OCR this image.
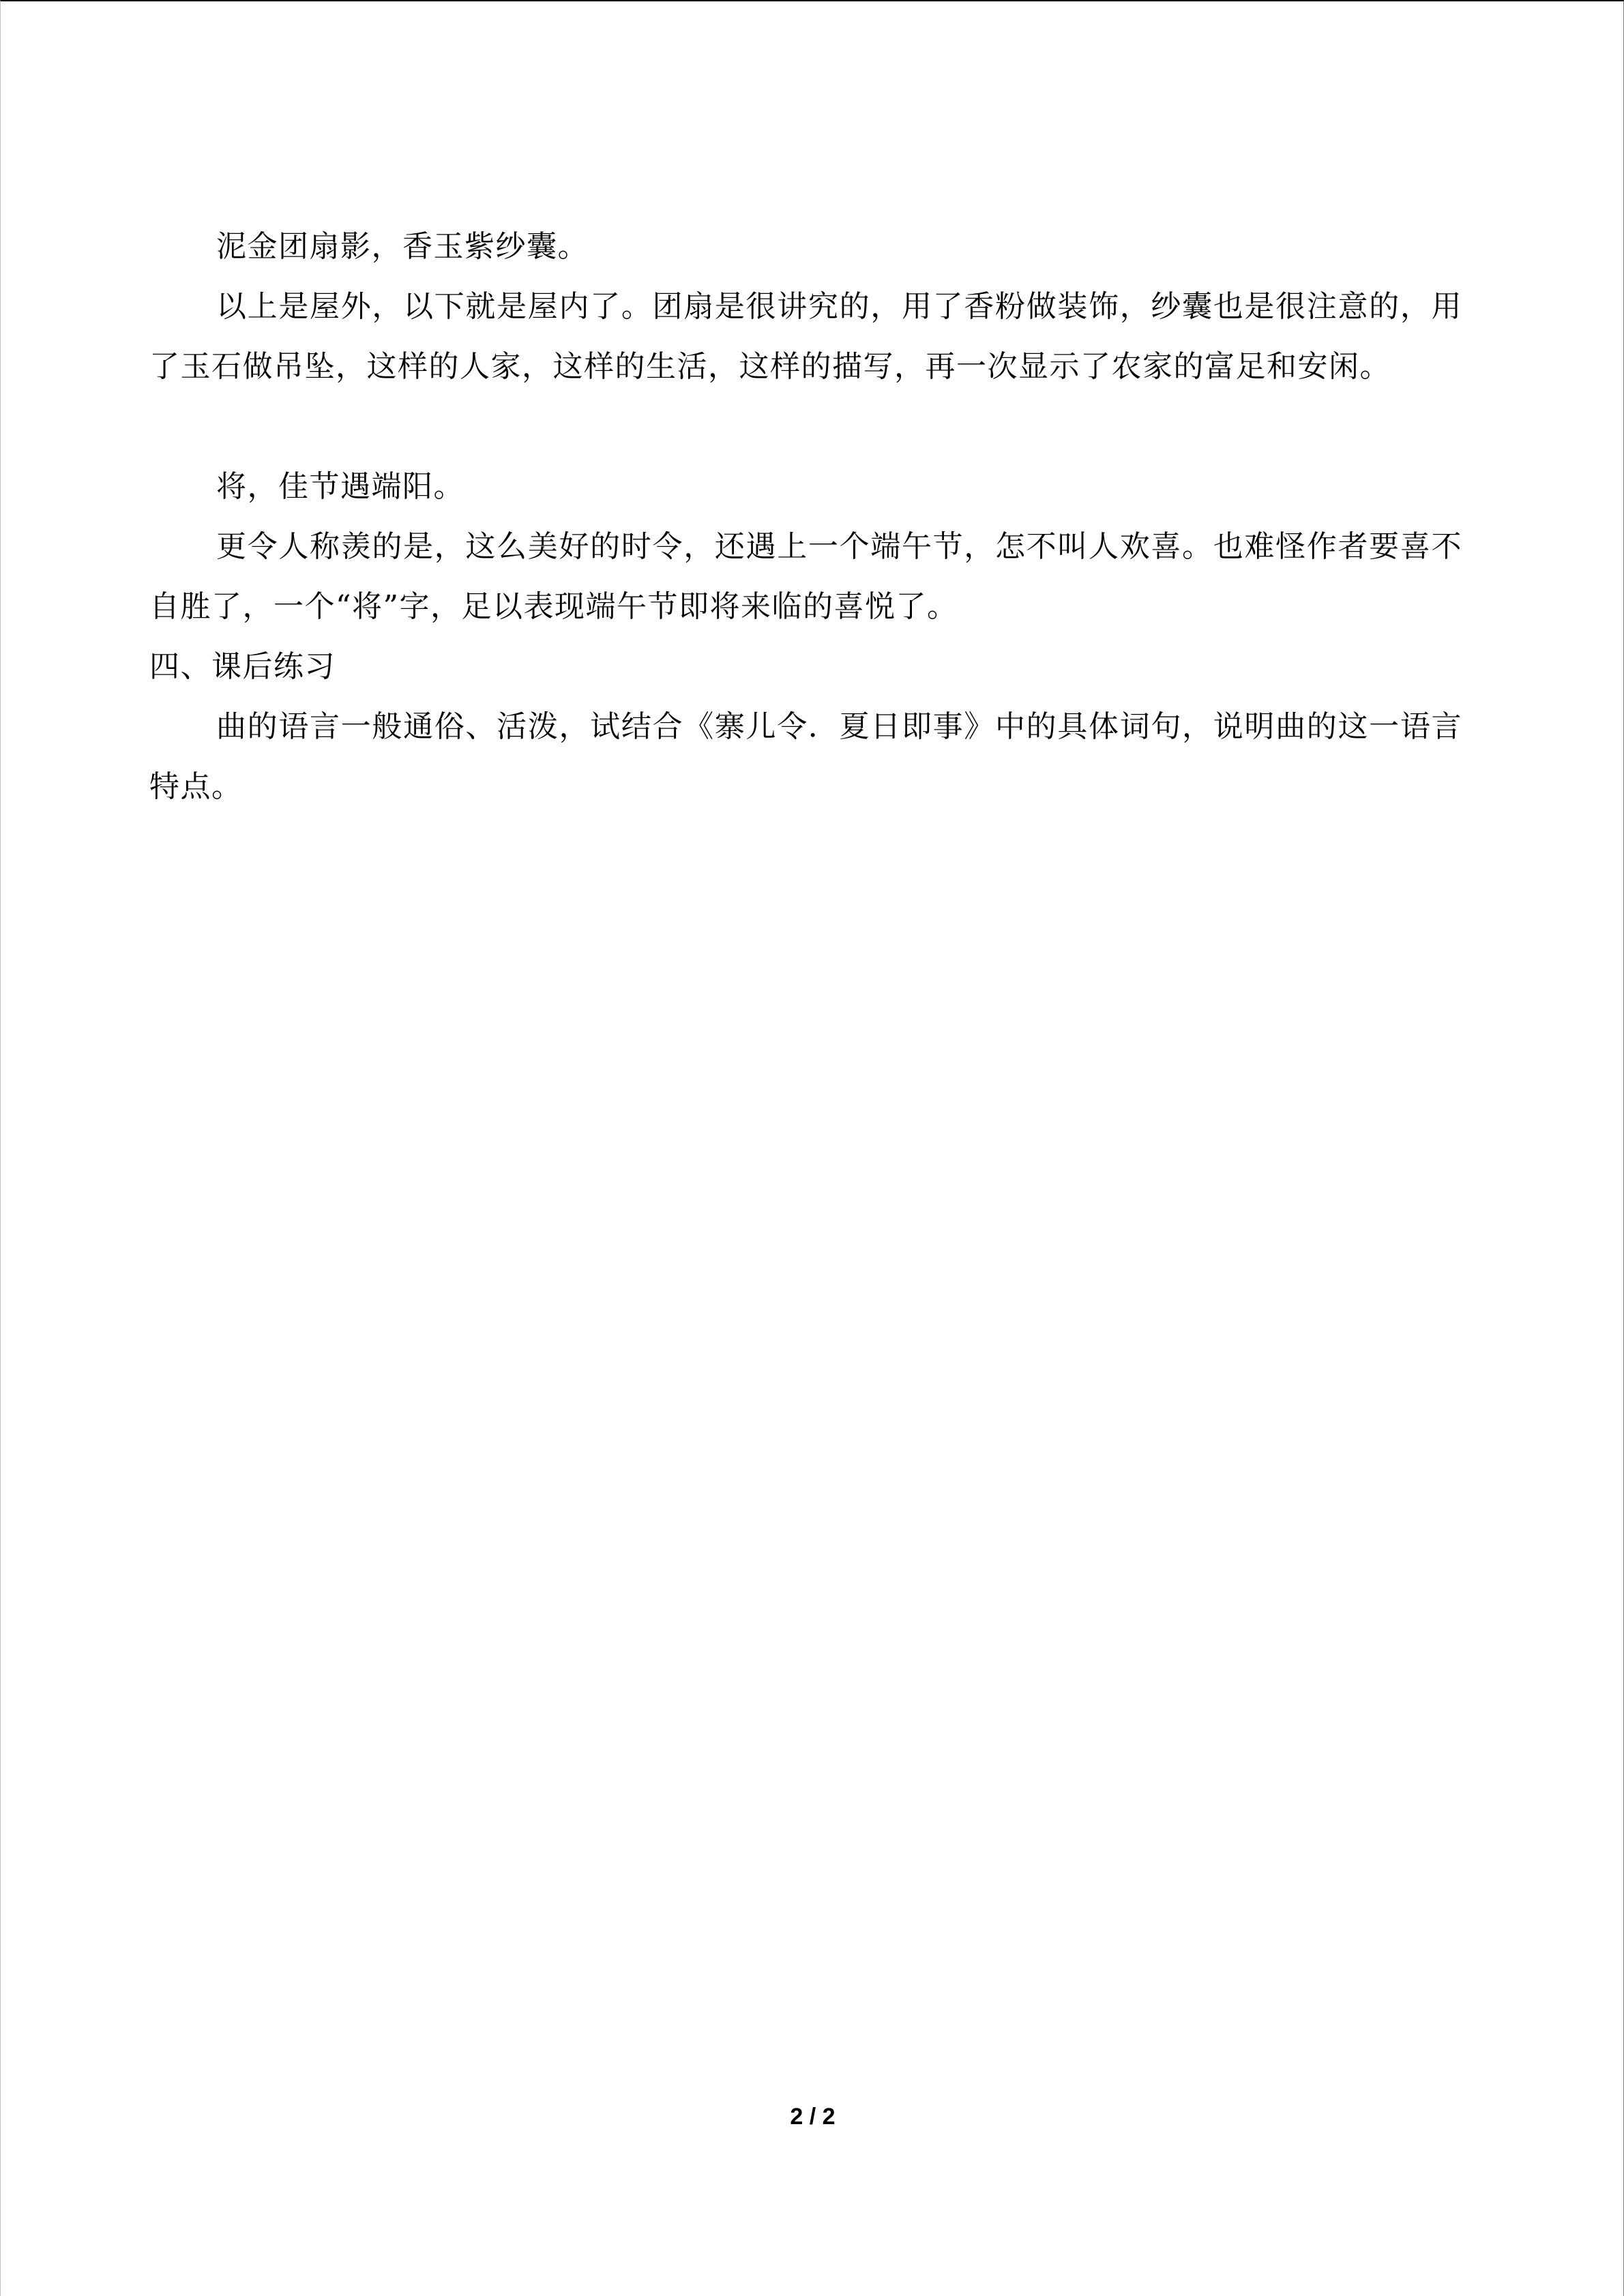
泥金团扇影，香玉紫纱囊。

以上是屋外，以下就是屋内了。团扇是很讲究的，用了香粉做装饰，纱囊也是很注意的，用了玉石做吊坠，这样的人家，这样的生活，这样的描写，再一次显示了农家的富足和安闲。

将，佳节遇端阳。

更令人称羡的是，这么美好的时令，还遇上一个端午节，怎不叫人欢喜。也难怪作者要喜不自胜了，一个“将”字，足以表现端午节即将来临的喜悦了。

四、课后练习

曲的语言一般通俗、活泼，试结合《寨儿令．夏日即事》中的具体词句，说明曲的这一语言特点。

2 / 2
